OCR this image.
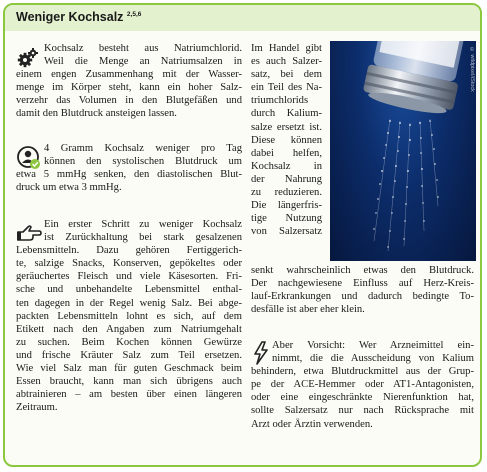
Weniger Kochsalz $^{2,5,6}$
Kochsalz besteht aus Natriumchlorid.
Weil die Menge an Natriumsalzen in
einem engen Zusammenhang mit der Wasser-
menge im Körper steht, kann ein hoher Salz-
verzehr das Volumen in den Blutgefäßen und
damit den Blutdruck ansteigen lassen.
4 Gramm Kochsalz weniger pro Tag
können den systolischen Blutdruck um
etwa 5 mmHg senken, den diastolischen Blut-
druck um etwa 3 mmHg.
Ein erster Schritt zu weniger Kochsalz
ist Zurückhaltung bei stark gesalzenen
Lebensmitteln. Dazu gehören Fertiggerich-
te, salzige Snacks, Konserven, gepökeltes oder
geräuchertes Fleisch und viele Käsesorten. Fri-
sche und unbehandelte Lebensmittel enthal-
ten dagegen in der Regel wenig Salz. Bei abge-
packten Lebensmitteln lohnt es sich, auf dem
Etikett nach den Angaben zum Natriumgehalt
zu suchen. Beim Kochen können Gewürze
und frische Kräuter Salz zum Teil ersetzen.
Wie viel Salz man für guten Geschmack beim
Essen braucht, kann man sich übrigens auch
abtrainieren – am besten über einen längeren
Zeitraum.
Im Handel gibt
es auch Salzer-
satz, bei dem
ein Teil des Na-
triumchlorids
durch Kalium-
salze ersetzt ist.
Diese können
dabei helfen,
Kochsalz in
der Nahrung
zu reduzieren.
Die längerfris-
tige Nutzung
von Salzersatz
senkt wahrscheinlich etwas den Blutdruck.
Der nachgewiesene Einfluss auf Herz-Kreis-
lauf-Erkrankungen und dadurch bedingte To-
desfälle ist aber eher klein.
Aber Vorsicht: Wer Arzneimittel ein-
nimmt, die die Ausscheidung von Kalium
behindern, etwa Blutdruckmittel aus der Grup-
pe der ACE-Hemmer oder AT1-Antagonisten,
oder eine eingeschränkte Nierenfunktion hat,
sollte Salzersatz nur nach Rücksprache mit
Arzt oder Ärztin verwenden.
© wildpixel/iStock
